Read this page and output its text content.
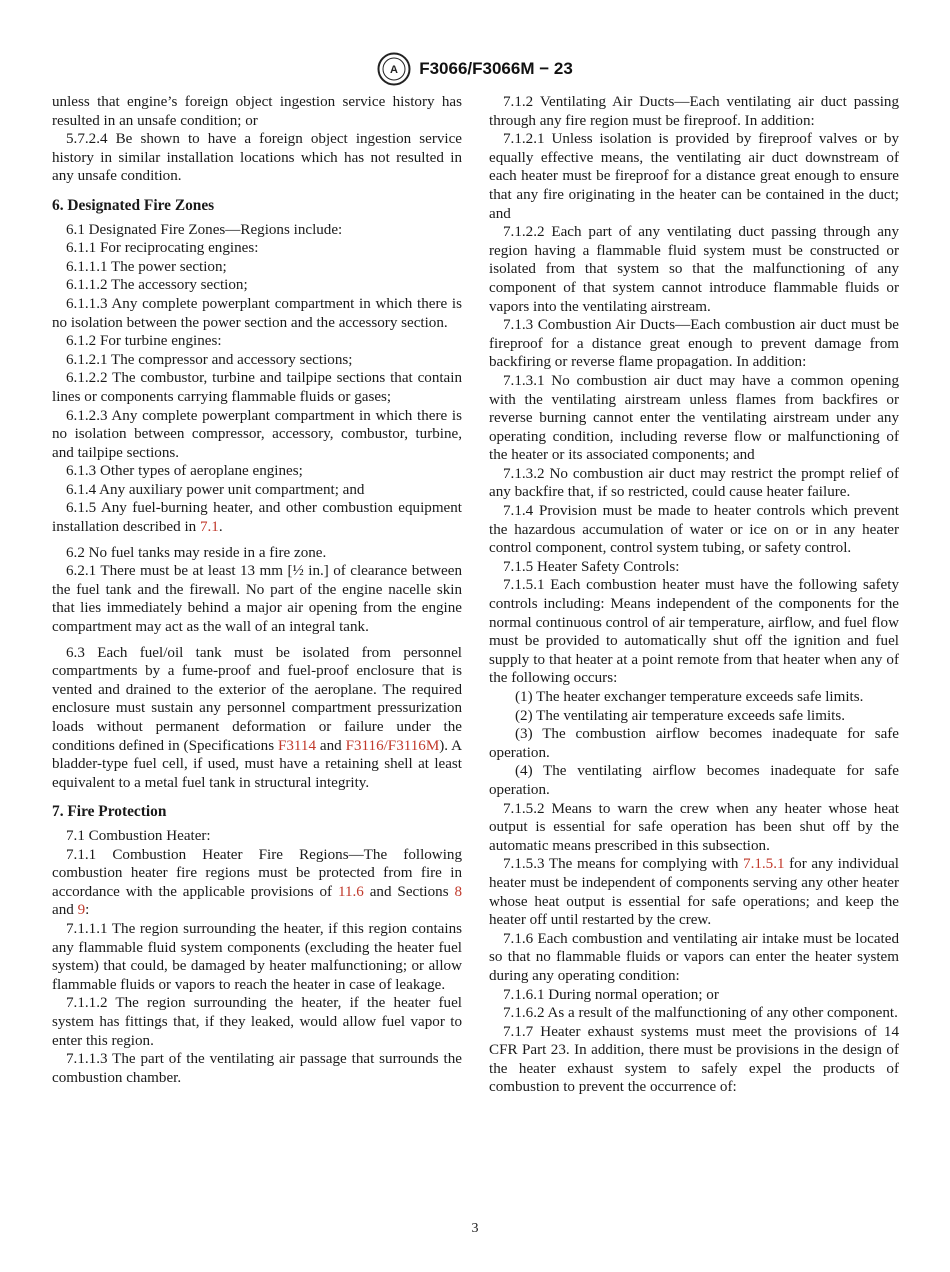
A F3066/F3066M − 23

unless that engine’s foreign object ingestion service history has resulted in an unsafe condition; or

5.7.2.4 Be shown to have a foreign object ingestion service history in similar installation locations which has not resulted in any unsafe condition.

6. Designated Fire Zones

6.1 Designated Fire Zones—Regions include:

6.1.1 For reciprocating engines:

6.1.1.1 The power section;

6.1.1.2 The accessory section;

6.1.1.3 Any complete powerplant compartment in which there is no isolation between the power section and the accessory section.

6.1.2 For turbine engines:

6.1.2.1 The compressor and accessory sections;

6.1.2.2 The combustor, turbine and tailpipe sections that contain lines or components carrying flammable fluids or gases;

6.1.2.3 Any complete powerplant compartment in which there is no isolation between compressor, accessory, combustor, turbine, and tailpipe sections.

6.1.3 Other types of aeroplane engines;

6.1.4 Any auxiliary power unit compartment; and

6.1.5 Any fuel-burning heater, and other combustion equipment installation described in 7.1.

6.2 No fuel tanks may reside in a fire zone.

6.2.1 There must be at least 13 mm [½ in.] of clearance between the fuel tank and the firewall. No part of the engine nacelle skin that lies immediately behind a major air opening from the engine compartment may act as the wall of an integral tank.

6.3 Each fuel/oil tank must be isolated from personnel compartments by a fume-proof and fuel-proof enclosure that is vented and drained to the exterior of the aeroplane. The required enclosure must sustain any personnel compartment pressurization loads without permanent deformation or failure under the conditions defined in (Specifications F3114 and F3116/F3116M). A bladder-type fuel cell, if used, must have a retaining shell at least equivalent to a metal fuel tank in structural integrity.

7. Fire Protection

7.1 Combustion Heater:

7.1.1 Combustion Heater Fire Regions—The following combustion heater fire regions must be protected from fire in accordance with the applicable provisions of 11.6 and Sections 8 and 9:

7.1.1.1 The region surrounding the heater, if this region contains any flammable fluid system components (excluding the heater fuel system) that could, be damaged by heater malfunctioning; or allow flammable fluids or vapors to reach the heater in case of leakage.

7.1.1.2 The region surrounding the heater, if the heater fuel system has fittings that, if they leaked, would allow fuel vapor to enter this region.

7.1.1.3 The part of the ventilating air passage that surrounds the combustion chamber.

7.1.2 Ventilating Air Ducts—Each ventilating air duct passing through any fire region must be fireproof. In addition:

7.1.2.1 Unless isolation is provided by fireproof valves or by equally effective means, the ventilating air duct downstream of each heater must be fireproof for a distance great enough to ensure that any fire originating in the heater can be contained in the duct; and

7.1.2.2 Each part of any ventilating duct passing through any region having a flammable fluid system must be constructed or isolated from that system so that the malfunctioning of any component of that system cannot introduce flammable fluids or vapors into the ventilating airstream.

7.1.3 Combustion Air Ducts—Each combustion air duct must be fireproof for a distance great enough to prevent damage from backfiring or reverse flame propagation. In addition:

7.1.3.1 No combustion air duct may have a common opening with the ventilating airstream unless flames from backfires or reverse burning cannot enter the ventilating airstream under any operating condition, including reverse flow or malfunctioning of the heater or its associated components; and

7.1.3.2 No combustion air duct may restrict the prompt relief of any backfire that, if so restricted, could cause heater failure.

7.1.4 Provision must be made to heater controls which prevent the hazardous accumulation of water or ice on or in any heater control component, control system tubing, or safety control.

7.1.5 Heater Safety Controls:

7.1.5.1 Each combustion heater must have the following safety controls including: Means independent of the components for the normal continuous control of air temperature, airflow, and fuel flow must be provided to automatically shut off the ignition and fuel supply to that heater at a point remote from that heater when any of the following occurs:

(1) The heater exchanger temperature exceeds safe limits.

(2) The ventilating air temperature exceeds safe limits.

(3) The combustion airflow becomes inadequate for safe operation.

(4) The ventilating airflow becomes inadequate for safe operation.

7.1.5.2 Means to warn the crew when any heater whose heat output is essential for safe operation has been shut off by the automatic means prescribed in this subsection.

7.1.5.3 The means for complying with 7.1.5.1 for any individual heater must be independent of components serving any other heater whose heat output is essential for safe operations; and keep the heater off until restarted by the crew.

7.1.6 Each combustion and ventilating air intake must be located so that no flammable fluids or vapors can enter the heater system during any operating condition:

7.1.6.1 During normal operation; or

7.1.6.2 As a result of the malfunctioning of any other component.

7.1.7 Heater exhaust systems must meet the provisions of 14 CFR Part 23. In addition, there must be provisions in the design of the heater exhaust system to safely expel the products of combustion to prevent the occurrence of:

3
